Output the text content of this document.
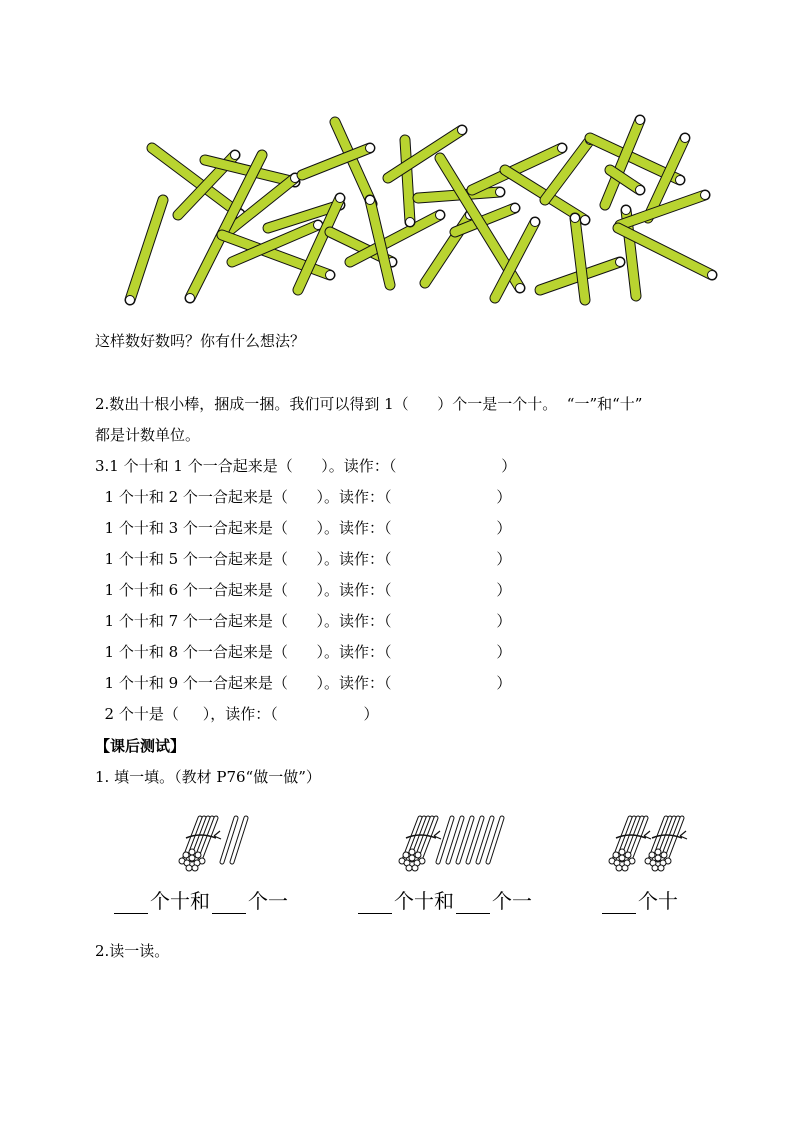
这样数好数吗？你有什么想法？
2.数出十根小棒，捆成一捆。我们可以得到 1（      ）个一是一个十。  “一”和“十”
都是计数单位。
3.1 个十和 1 个一合起来是（      ）。读作：（                      ）
1 个十和 2 个一合起来是（      ）。读作：（                      ）
1 个十和 3 个一合起来是（      ）。读作：（                      ）
1 个十和 5 个一合起来是（      ）。读作：（                      ）
1 个十和 6 个一合起来是（      ）。读作：（                      ）
1 个十和 7 个一合起来是（      ）。读作：（                      ）
1 个十和 8 个一合起来是（      ）。读作：（                      ）
1 个十和 9 个一合起来是（      ）。读作：（                      ）
2 个十是（     ），读作：（                  ）
【课后测试】
1. 填一填。（教材 P76“做一做”）
个十和 个一	个十和 个一	个十
2.读一读。
